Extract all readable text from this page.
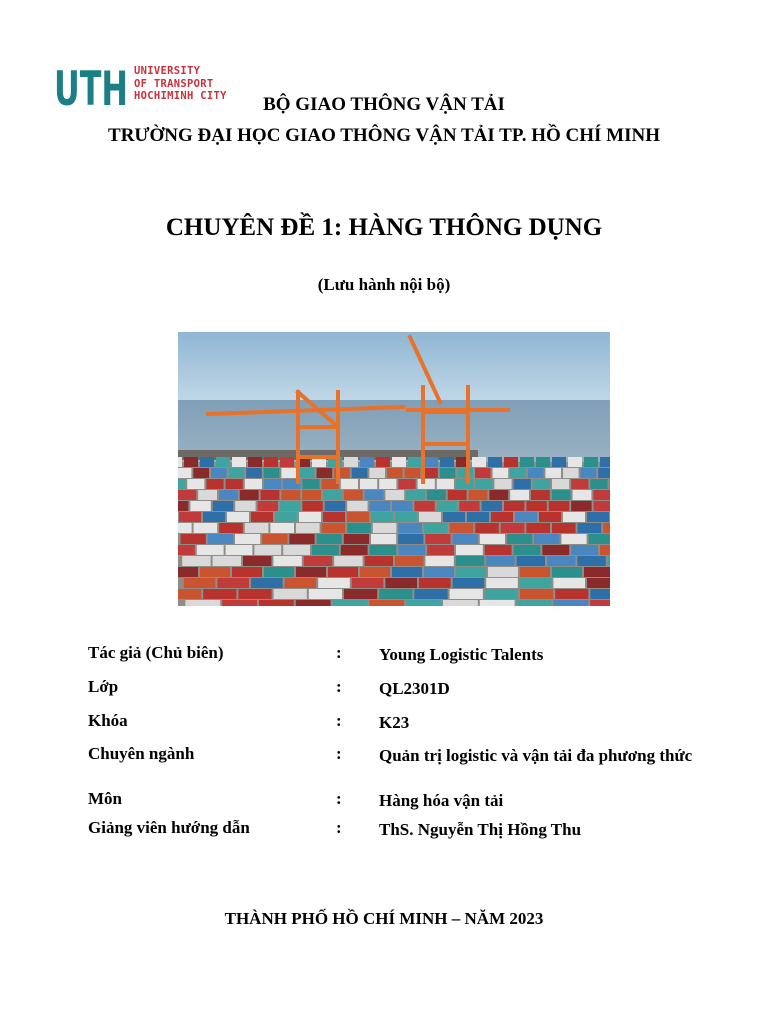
UTH UNIVERSITY
OF TRANSPORT
HOCHIMINH CITY	BỘ GIAO THÔNG VẬN TẢI
TRƯỜNG ĐẠI HỌC GIAO THÔNG VẬN TẢI TP. HỒ CHÍ MINH
CHUYÊN ĐỀ 1: HÀNG THÔNG DỤNG
(Lưu hành nội bộ)
Tác giả (Chủ biên)	: Young Logistic Talents
Lớp	: QL2301D
Khóa	: K23
Chuyên ngành	: Quản trị logistic và vận tải đa phương thức
Môn	: Hàng hóa vận tải
Giảng viên hướng dẫn	: ThS. Nguyễn Thị Hồng Thu
THÀNH PHỐ HỒ CHÍ MINH – NĂM 2023
